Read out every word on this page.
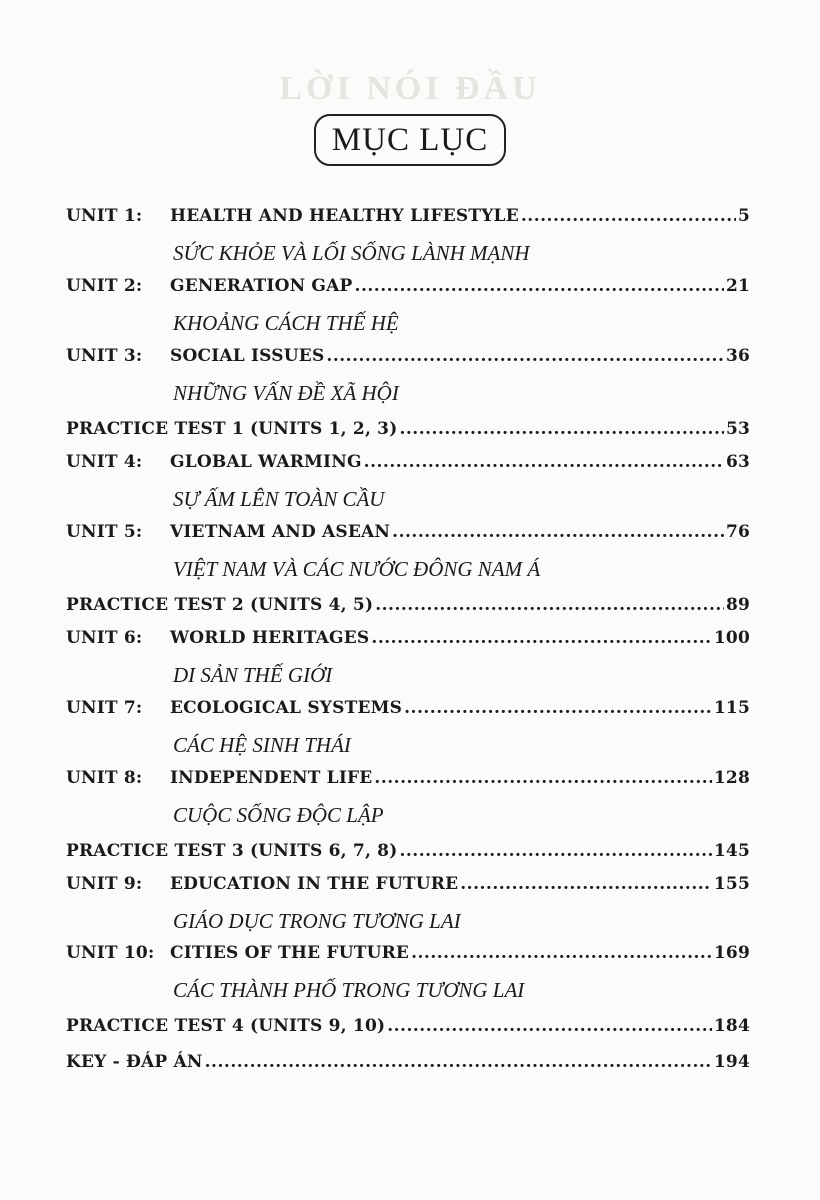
LỜI NÓI ĐẦU
MỤC LỤC
UNIT 1:	HEALTH AND HEALTHY LIFESTYLE .....	5
SỨC KHỎE VÀ LỐI SỐNG LÀNH MẠNH
UNIT 2:	GENERATION GAP .....	21
KHOẢNG CÁCH THẾ HỆ
UNIT 3:	SOCIAL ISSUES .....	36
NHỮNG VẤN ĐỀ XÃ HỘI
PRACTICE TEST 1 (UNITS 1, 2, 3) .....	53
UNIT 4:	GLOBAL WARMING .....	63
SỰ ẤM LÊN TOÀN CẦU
UNIT 5:	VIETNAM AND ASEAN .....	76
VIỆT NAM VÀ CÁC NƯỚC ĐÔNG NAM Á
PRACTICE TEST 2 (UNITS 4, 5) .....	89
UNIT 6:	WORLD HERITAGES .....	100
DI SẢN THẾ GIỚI
UNIT 7:	ECOLOGICAL SYSTEMS .....	115
CÁC HỆ SINH THÁI
UNIT 8:	INDEPENDENT LIFE .....	128
CUỘC SỐNG ĐỘC LẬP
PRACTICE TEST 3 (UNITS 6, 7, 8) .....	145
UNIT 9:	EDUCATION IN THE FUTURE .....	155
GIÁO DỤC TRONG TƯƠNG LAI
UNIT 10: CITIES OF THE FUTURE .....	169
CÁC THÀNH PHỐ TRONG TƯƠNG LAI
PRACTICE TEST 4 (UNITS 9, 10) .....	184
KEY - ĐÁP ÁN .....	194
